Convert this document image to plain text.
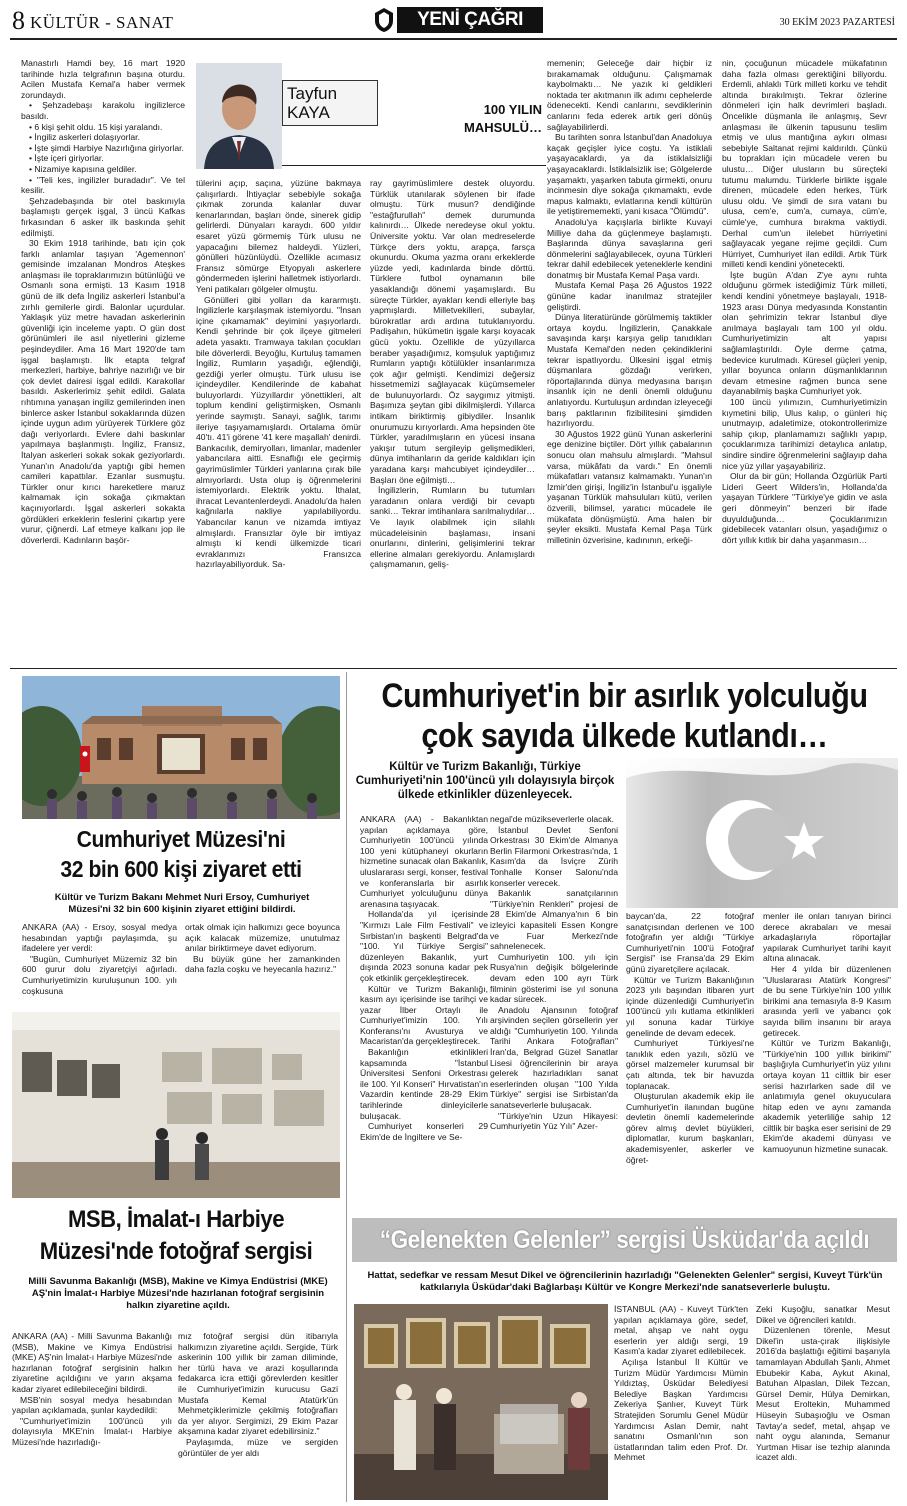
8 KÜLTÜR - SANAT	YENİ ÇAĞRI	30 EKİM 2023 PAZARTESİ

Manastırlı Hamdi bey, 16 mart 1920 tarihinde hızla telgrafının başına oturdu. Acilen Mustafa Kemal'a haber vermek zorundaydı.

• Şehzadebaşı karakolu ingilizlerce basıldı.

• 6 kişi şehit oldu. 15 kişi yaralandı.

• İngiliz askerleri dolaşıyorlar.

• İşte şimdi Harbiye Nazırlığına giriyorlar.

• İşte içeri giriyorlar.

• Nizamiye kapısına geldiler.

• "Teli kes, ingilizler buradadır". Ve tel kesilir.

Şehzadebaşında bir otel baskınıyla başlamıştı gerçek işgal, 3 üncü Kafkas fırkasından 6 asker ilk baskında şehit edilmişti.

30 Ekim 1918 tarihinde, batı için çok farklı anlamlar taşıyan 'Agemennon' gemisinde imzalanan Mondros Ateşkes anlaşması ile topraklarımızın bütünlüğü ve Osmanlı sona ermişti. 13 Kasım 1918 günü de ilk defa İngiliz askerleri İstanbul'a zırhlı gemilerle girdi. Balonlar uçurdular. Yaklaşık yüz metre havadan askerlerinin güvenliği için inceleme yaptı. O gün dost görünümleri ile asıl niyetlerini gizleme peşindeydiler. Ama 16 Mart 1920'de tam işgal başlamıştı. İlk etapta telgraf merkezleri, harbiye, bahriye nazırlığı ve bir çok devlet dairesi işgal edildi. Karakollar basıldı. Askerlerimiz şehit edildi. Galata rıhtımına yanaşan ingiliz gemilerinden inen binlerce asker İstanbul sokaklarında düzen içinde uygun adım yürüyerek Türklere göz dağı veriyorlardı. Evlere dahi baskınlar yapılmaya başlanmıştı. İngiliz, Fransız, İtalyan askerleri sokak sokak geziyorlardı. Yunan'ın Anadolu'da yaptığı gibi hemen camileri kapattılar. Ezanlar susmuştu. Türkler onur kırıcı hareketlere maruz kalmamak için sokağa çıkmaktan kaçınıyorlardı. İşgal askerleri sokakta gördükleri erkeklerin feslerini çıkartıp yere vurur, çiğnerdi. Laf etmeye kalkanı jop ile döverlerdi. Kadınların başör-

Tayfun
KAYA	100 YILIN
MAHSULÜ…

tülerini açıp, saçına, yüzüne bakmaya çalışırlardı. İhtiyaçlar sebebiyle sokağa çıkmak zorunda kalanlar duvar kenarlarından, başları önde, sinerek gidip gelirlerdi. Dünyaları karaydı. 600 yıldır esaret yüzü görmemiş Türk ulusu ne yapacağını bilemez haldeydi. Yüzleri, gönülleri hüzünlüydü. Özellikle acımasız Fransız sömürge Etyopyalı askerlere göndermeden işlerini halletmek istiyorlardı. Yeni patikaları gölgeler olmuştu.

Gönülleri gibi yolları da kararmıştı. İngilizlerle karşılaşmak istemiyordu. "İnsan içine çıkamamak" deyimini yaşıyorlardı. Kendi şehrinde bir çok ilçeye gitmeleri adeta yasaktı. Tramwaya takılan çocukları bile döverlerdi. Beyoğlu, Kurtuluş tamamen İngiliz, Rumların yaşadığı, eğlendiği, gezdiği yerler olmuştu. Türk ulusu ise içindeydiler. Kendilerinde de kabahat buluyorlardı. Yüzyıllardır yönettikleri, alt toplum kendini geliştirmişken, Osmanlı yerinde saymıştı. Sanayi, sağlık, tarımı ileriye taşıyamamışlardı. Ortalama ömür 40'tı. 41'i görene '41 kere maşallah' denirdi. Bankacılık, demiryolları, limanlar, madenler yabancılara aitti. Esnaflığı ele geçirmiş gayrimüslimler Türkleri yanlarına çırak bile almıyorlardı. Usta olup iş öğrenmelerini istemiyorlardı. Elektrik yoktu. İthalat, ihracat Levantenlerdeydi. Anadolu'da halen kağnılarla nakliye yapılabiliyordu. Yabancılar kanun ve nizamda imtiyaz almışlardı. Fransızlar öyle bir imtiyaz almıştı ki kendi ülkemizde ticari evraklarımızı Fransızca hazırlayabiliyorduk. Sa-

ray gayrimüslimlere destek oluyordu. Türklük utanılarak söylenen bir ifade olmuştu. Türk musun? dendiğinde "estağfurullah" demek durumunda kalınırdı… Ülkede neredeyse okul yoktu. Üniversite yoktu. Var olan medreselerde Türkçe ders yoktu, arapça, farsça okunurdu. Okuma yazma oranı erkeklerde yüzde yedi, kadınlarda binde dörttü. Türklere futbol oynamanın bile yasaklandığı dönemi yaşamışlardı. Bu süreçte Türkler, ayakları kendi elleriyle baş yapmışlardı. Milletvekilleri, subaylar, bürokratlar ardı ardına tutuklanıyordu. Padişahın, hükümetin işgale karşı koyacak gücü yoktu. Özellikle de yüzyıllarca beraber yaşadığımız, komşuluk yaptığımız Rumların yaptığı kötülükler insanlarımıza çok ağır gelmişti. Kendimizi değersiz hissetmemizi sağlayacak küçümsemeler de bulunuyorlardı. Öz saygımız yitmişti. Başımıza şeytan gibi dikilmişlerdi. Yıllarca intikam biriktirmiş gibiydiler. İnsanlık onurumuzu kırıyorlardı. Ama hepsinden öte Türkler, yaradılmışların en yücesi insana yakışır tutum sergileyip gelişmedikleri, dünya imtihanların da geride kaldıkları için yaradana karşı mahcubiyet içindeydiler… Başları öne eğilmişti…

İngilizlerin, Rumların bu tutumları yaradanın onlara verdiği bir cevaptı sanki… Tekrar imtihanlara sarılmalıydılar… Ve layık olabilmek için silahlı mücadeleisinin başlaması, insani onurlarını, dinlerini, gelişimlerini tekrar ellerine almaları gerekiyordu. Anlamışlardı çalışmamanın, geliş-

memenin; Geleceğe dair hiçbir iz bırakamamak olduğunu. Çalışmamak kaybolmaktı… Ne yazık ki geldikleri noktada ter akıtmanın ilk adımı cephelerde ödenecekti. Kendi canlarını, sevdiklerinin canlarını feda ederek artık geri dönüş sağlayabilirlerdi.

Bu tarihten sonra İstanbul'dan Anadoluya kaçak geçişler iyice coştu. Ya istiklali yaşayacaklardı, ya da istiklalsizliği yaşayacaklardı. İstiklalsizlik ise; Gölgelerde yaşamaktı, yaşarken tabuta girmekti, onuru incinmesin diye sokağa çıkmamaktı, evde mapus kalmaktı, evlatlarına kendi kültürün ile yetiştirememekti, yani kısaca "Ölümdü".

Anadolu'ya kaçışlarla birlikte Kuvayi Milliye daha da güçlenmeye başlamıştı. Başlarında dünya savaşlarına geri dönmelerini sağlayabilecek, oyuna Türkleri tekrar dahil edebilecek yeteneklerle kendini donatmış bir Mustafa Kemal Paşa vardı.

Mustafa Kemal Paşa 26 Ağustos 1922 gününe kadar inanılmaz stratejiler geliştirdi.

Dünya literatüründe görülmemiş taktikler ortaya koydu. İngilizlerin, Çanakkale savaşında karşı karşıya gelip tanıdıkları Mustafa Kemal'den neden çekindiklerini tekrar ispatlıyordu. Ülkesini işgal etmiş düşmanlara gözdağı verirken, röportajlarında dünya medyasına barışın insanlık için ne denli önemli olduğunu anlatıyordu. Kurtuluşun ardından izleyeceği barış paktlarının fizibilitesini şimdiden hazırlıyordu.

30 Ağustos 1922 günü Yunan askerlerini ege denizine biçtiler. Dört yıllık çabalarının sonucu olan mahsulu almışlardı. "Mahsul varsa, mükâfatı da vardı." En önemli mükafatları vatansız kalmamaktı. Yunan'ın İzmir'den girişi, İngiliz'in İstanbul'u işgaliyle yaşanan Türklük mahsuluları kütü, verilen özverili, bilimsel, yaratıcı mücadele ile mükafata dönüşmüştü. Ama halen bir şeyler eksikti. Mustafa Kemal Paşa Türk milletinin özverisine, kadınının, erkeği-

nin, çocuğunun mücadele mükafatının daha fazla olması gerektiğini biliyordu. Erdemli, ahlaklı Türk milleti korku ve tehdit altında bırakılmıştı. Tekrar özlerine dönmeleri için halk devrimleri başladı. Öncelikle düşmanla ile anlaşmış, Sevr anlaşması ile ülkenin tapusunu teslim etmiş ve ulus mantığına aykırı olması sebebiyle Saltanat rejimi kaldırıldı. Çünkü bu toprakları için mücadele veren bu ulustu… Diğer ulusların bu süreçteki tutumu malumdu. Türklerle birlikte işgale direnen, mücadele eden herkes, Türk ulusu oldu. Ve şimdi de sıra vatanı bu ulusa, cem'e, cum'a, cumaya, cüm'e, cümle'ye, cumhura bırakma vaktiydi. Derhal cum'un ilelebet hürriyetini sağlayacak yegane rejime geçildi. Cum Hürriyet, Cumhuriyet ilan edildi. Artık Türk milleti kendi kendini yönetecekti.

İşte bugün A'dan Z'ye aynı ruhta olduğunu görmek istediğimiz Türk milleti, kendi kendini yönetmeye başlayalı, 1918-1923 arası Dünya medyasında Konstantin olan şehrimizin tekrar İstanbul diye anılmaya başlayalı tam 100 yıl oldu. Cumhuriyetimizin alt yapısı sağlamlaştırıldı. Öyle derme çatma, bedevice kurulmadı. Küresel güçleri yenip, yıllar boyunca onların düşmanlıklarının devam etmesine rağmen bunca sene dayanabilmiş başka Cumhuriyet yok.

100 üncü yılımızın, Cumhuriyetimizin kıymetini bilip, Ulus kalıp, o günleri hiç unutmayıp, adaletimize, otokontrollerimize sahip çıkıp, planlamamızı sağlıklı yapıp, çocuklarımıza tarihimizi detaylıca anlatıp, sindire sindire öğrenmelerini sağlayıp daha nice yüz yıllar yaşayabiliriz.

Olur da bir gün; Hollanda Özgürlük Parti Lideri Geert Wilders'in, Hollanda'da yaşayan Türklere "Türkiye'ye gidin ve asla geri dönmeyin" benzeri bir ifade duyulduğunda… Çocuklarımızın gidebilecek vatanları olsun, yaşadığımız o dört yıllık kıtlık bir daha yaşanmasın…

Cumhuriyet Müzesi'ni
32 bin 600 kişi ziyaret etti
Kültür ve Turizm Bakanı Mehmet Nuri Ersoy, Cumhuriyet Müzesi'ni 32 bin 600 kişinin ziyaret ettiğini bildirdi.

ANKARA (AA) - Ersoy, sosyal medya hesabından yaptığı paylaşımda, şu ifadelere yer verdi:

"Bugün, Cumhuriyet Müzemiz 32 bin 600 gurur dolu ziyaretçiyi ağırladı. Cumhuriyetimizin kuruluşunun 100. yılı coşkusuna

ortak olmak için halkımızı gece boyunca açık kalacak müzemize, unutulmaz anılar biriktirmeye davet ediyorum.

Bu büyük güne her zamankinden daha fazla coşku ve heyecanla hazırız."

MSB, İmalat-ı Harbiye
Müzesi'nde fotoğraf sergisi
Milli Savunma Bakanlığı (MSB), Makine ve Kimya Endüstrisi (MKE) AŞ'nin İmalat-ı Harbiye Müzesi'nde hazırlanan fotoğraf sergisinin halkın ziyaretine açıldı.

ANKARA (AA) - Milli Savunma Bakanlığı (MSB), Makine ve Kimya Endüstrisi (MKE) AŞ'nin İmalat-ı Harbiye Müzesi'nde hazırlanan fotoğraf sergisinin halkın ziyaretine açıldığını ve yarın akşama kadar ziyaret edilebileceğini bildirdi.

MSB'nin sosyal medya hesabından yapılan açıklamada, şunlar kaydedildi:

"Cumhuriyet'imizin 100'üncü yılı dolayısıyla MKE'nin İmalat-ı Harbiye Müzesi'nde hazırladığı-

mız fotoğraf sergisi dün itibarıyla halkımızın ziyaretine açıldı. Sergide, Türk askerinin 100 yıllık bir zaman diliminde, her türlü hava ve arazi koşullarında fedakarca icra ettiği görevlerden kesitler ile Cumhuriyet'imizin kurucusu Gazi Mustafa Kemal Atatürk'ün Mehmetçiklerimizle çekilmiş fotoğrafları da yer alıyor. Sergimizi, 29 Ekim Pazar akşamına kadar ziyaret edebilirsiniz."

Paylaşımda, müze ve sergiden görüntüler de yer aldı

Cumhuriyet'in bir asırlık yolculuğu
çok sayıda ülkede kutlandı…
Kültür ve Turizm Bakanlığı, Türkiye Cumhuriyeti'nin 100'üncü yılı dolayısıyla birçok ülkede etkinlikler düzenleyecek.

ANKARA (AA) - Bakanlıktan yapılan açıklamaya göre, Cumhuriyetin 100'üncü yılında 100 yeni kütüphaneyi okurların hizmetine sunacak olan Bakanlık, uluslararası sergi, konser, festival ve konferanslarla bir asırlık Cumhuriyet yolculuğunu dünya arenasına taşıyacak.

Hollanda'da yıl içerisinde "Kırmızı Lale Film Festivali" ve Sırbistan'ın başkenti Belgrad'da "100. Yıl Türkiye Sergisi" düzenleyen Bakanlık, yurt dışında 2023 sonuna kadar pek çok etkinlik gerçekleştirecek.

Kültür ve Turizm Bakanlığı, kasım ayı içerisinde ise tarihçi ve yazar İlber Ortaylı ile Cumhuriyet'imizin 100. Yılı Konferansı'nı Avusturya ve Macaristan'da gerçekleştirecek.

Bakanlığın etkinlikleri kapsamında "İstanbul Üniversitesi Senfoni Orkestrası ile 100. Yıl Konseri" Hırvatistan'ın Vazardin kentinde 28-29 Ekim tarihlerinde dinleyicilerle buluşacak.

Cumhuriyet konserleri 29 Ekim'de de İngiltere ve Se-

negal'de müzikseverlerle olacak.

İstanbul Devlet Senfoni Orkestrası 30 Ekim'de Almanya Berlin Filarmoni Orkestrası'nda, 1 Kasım'da da İsviçre Zürih Tonhalle Konser Salonu'nda konserler verecek.

Bakanlık sanatçılarının "Türkiye'nin Renkleri" projesi de 28 Ekim'de Almanya'nın 6 bin izleyici kapasiteli Essen Kongre ve Fuar Merkezi'nde sahnelenecek.

Cumhuriyetin 100. yılı için Rusya'nın değişik bölgelerinde devam eden 100 ayrı Türk filminin gösterimi ise yıl sonuna kadar sürecek.

Anadolu Ajansının fotoğraf arşivinden seçilen görsellerin yer aldığı "Cumhuriyetin 100. Yılında Tarihi Ankara Fotoğrafları" İran'da, Belgrad Güzel Sanatlar Lisesi öğrencilerinin bir araya gelerek hazırladıkları sanat eserlerinden oluşan "100 Yılda Türkiye" sergisi ise Sırbistan'da sanatseverlerle buluşacak.

"Türkiye'nin Uzun Hikayesi: Cumhuriyetin Yüz Yılı" Azer-

baycan'da, 22 fotoğraf sanatçısından derlenen ve 100 fotoğrafın yer aldığı "Türkiye Cumhuriyeti'nin 100'ü Fotoğraf Sergisi" ise Fransa'da 29 Ekim günü ziyaretçilere açılacak.

Kültür ve Turizm Bakanlığının 2023 yılı başından itibaren yurt içinde düzenlediği Cumhuriyet'in 100'üncü yılı kutlama etkinlikleri yıl sonuna kadar Türkiye genelinde de devam edecek.

Cumhuriyet Türkiyesi'ne tanıklık eden yazılı, sözlü ve görsel malzemeler kurumsal bir çatı altında, tek bir havuzda toplanacak.

Oluşturulan akademik ekip ile Cumhuriyet'in ilanından bugüne devletin önemli kademelerinde görev almış devlet büyükleri, diplomatlar, kurum başkanları, akademisyenler, askerler ve öğret-

menler ile onları tanıyan birinci derece akrabaları ve mesai arkadaşlarıyla röportajlar yapılarak Cumhuriyet tarihi kayıt altına alınacak.

Her 4 yılda bir düzenlenen "Uluslararası Atatürk Kongresi" de bu sene Türkiye'nin 100 yıllık birikimi ana temasıyla 8-9 Kasım arasında yerli ve yabancı çok sayıda bilim insanını bir araya getirecek.

Kültür ve Turizm Bakanlığı, "Türkiye'nin 100 yıllık birikimi" başlığıyla Cumhuriyet'in yüz yılını ortaya koyan 11 ciltlik bir eser serisi hazırlarken sade dil ve anlatımıyla genel okuyuculara hitap eden ve aynı zamanda akademik yeterliliğe sahip 12 ciltlik bir başka eser serisini de 29 Ekim'de akademi dünyası ve kamuoyunun hizmetine sunacak.

“Gelenekten Gelenler” sergisi Üsküdar'da açıldı
Hattat, sedefkar ve ressam Mesut Dikel ve öğrencilerinin hazırladığı "Gelenekten Gelenler" sergisi, Kuveyt Türk'ün katkılarıyla Üsküdar'daki Bağlarbaşı Kültür ve Kongre Merkezi'nde sanatseverlerle buluştu.

İSTANBUL (AA) - Kuveyt Türk'ten yapılan açıklamaya göre, sedef, metal, ahşap ve naht oygu eserlerin yer aldığı sergi, 19 Kasım'a kadar ziyaret edilebilecek.

Açılışa İstanbul İl Kültür ve Turizm Müdür Yardımcısı Mümin Yıldıztaş, Üsküdar Belediyesi Belediye Başkan Yardımcısı Zekeriya Şanlıer, Kuveyt Türk Stratejiden Sorumlu Genel Müdür Yardımcısı Aslan Demir, naht sanatını Osmanlı'nın son üstatlarından talim eden Prof. Dr. Mehmet

Zeki Kuşoğlu, sanatkar Mesut Dikel ve öğrencileri katıldı.

Düzenlenen törenle, Mesut Dikel'in usta-çırak ilişkisiyle 2016'da başlattığı eğitimi başarıyla tamamlayan Abdullah Şanlı, Ahmet Ebubekir Kaba, Aykut Akınal, Batuhan Alpaslan, Dilek Tezcan, Gürsel Demir, Hülya Demirkan, Mesut Eroltekin, Muhammed Hüseyin Subaşıoğlu ve Osman Tavtay'a sedef, metal, ahşap ve naht oygu alanında, Semanur Yurtman Hisar ise tezhip alanında icazet aldı.
